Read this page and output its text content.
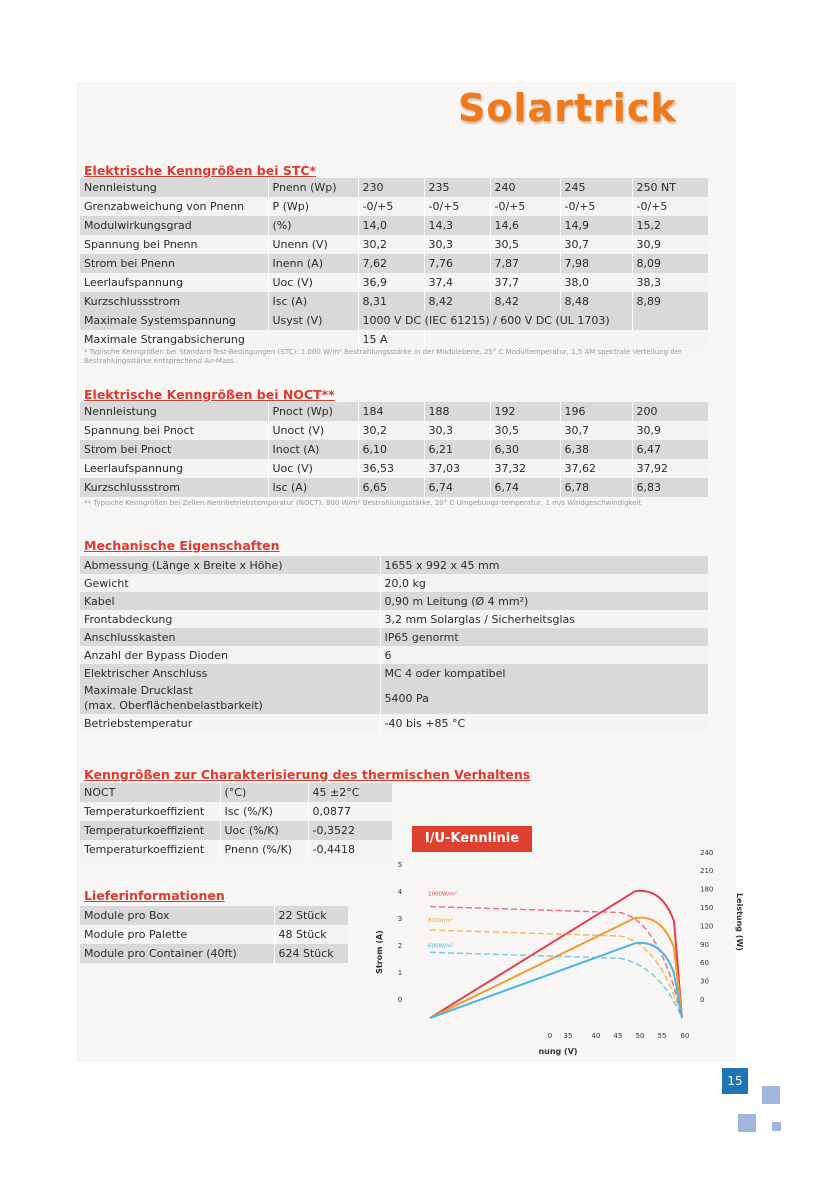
Solartrick
Elektrische Kenngrößen bei STC*
Nennleistung	Pnenn (Wp)	230	235	240	245	250 NT
Grenzabweichung von Pnenn	P (Wp)	-0/+5	-0/+5	-0/+5	-0/+5	-0/+5
Modulwirkungsgrad	(%)	14,0	14,3	14,6	14,9	15,2
Spannung bei Pnenn	Unenn (V)	30,2	30,3	30,5	30,7	30,9
Strom bei Pnenn	Inenn (A)	7,62	7,76	7,87	7,98	8,09
Leerlaufspannung	Uoc (V)	36,9	37,4	37,7	38,0	38,3
Kurzschlussstrom	Isc (A)	8,31	8,42	8,42	8,48	8,89
Maximale Systemspannung	Usyst (V)	1000 V DC (IEC 61215) / 600 V DC (UL 1703)				
Maximale Strangabsicherung		15 A				
* Typische Kenngrößen bei Standard-Test-Bedingungen (STC): 1.000 W/m² Bestrahlungsstärke in der Modulebene, 25° C Modultemperatur, 1,5 AM spektrale Verteilung der Bestrahlungsstärke entsprechend Air-Mass.
Elektrische Kenngrößen bei NOCT**
Nennleistung	Pnoct (Wp)	184	188	192	196	200
Spannung bei Pnoct	Unoct (V)	30,2	30,3	30,5	30,7	30,9
Strom bei Pnoct	Inoct (A)	6,10	6,21	6,30	6,38	6,47
Leerlaufspannung	Uoc (V)	36,53	37,03	37,32	37,62	37,92
Kurzschlussstrom	Isc (A)	6,65	6,74	6,74	6,78	6,83
** Typische Kenngrößen bei Zellen-Nennbetriebstemperatur (NOCT): 800 W/m² Bestrahlungsstärke, 20° C Umgebungs-temperatur, 1 m/s Windgeschwindigkeit
Mechanische Eigenschaften
Abmessung (Länge x Breite x Höhe)	1655 x 992 x 45 mm
Gewicht	20,0 kg
Kabel	0,90 m Leitung (Ø 4 mm²)
Frontabdeckung	3,2 mm Solarglas / Sicherheitsglas
Anschlusskasten	IP65 genormt
Anzahl der Bypass Dioden	6
Elektrischer Anschluss	MC 4 oder kompatibel

Maximale Drucklast
(max. Oberflächenbelastbarkeit)	5400 Pa
Betriebstemperatur	-40 bis +85 °C
Kenngrößen zur Charakterisierung des thermischen Verhaltens
NOCT	(°C)	45 ±2°C
Temperaturkoeffizient	Isc (%/K)	0,0877
Temperaturkoeffizient	Uoc (%/K)	-0,3522
Temperaturkoeffizient	Pnenn (%/K)	-0,4418
Lieferinformationen
Module pro Box	22 Stück
Module pro Palette	48 Stück
Module pro Container (40ft)	624 Stück
I/U-Kennlinie
0
1
2
3
4
5
0
30
60
90
120
150
180
210
240
0 35	40 45 50 55 60
1000W/m²
800W/m²
600W/m²
Strom (A)
Leistung (W)
nung (V)
15
